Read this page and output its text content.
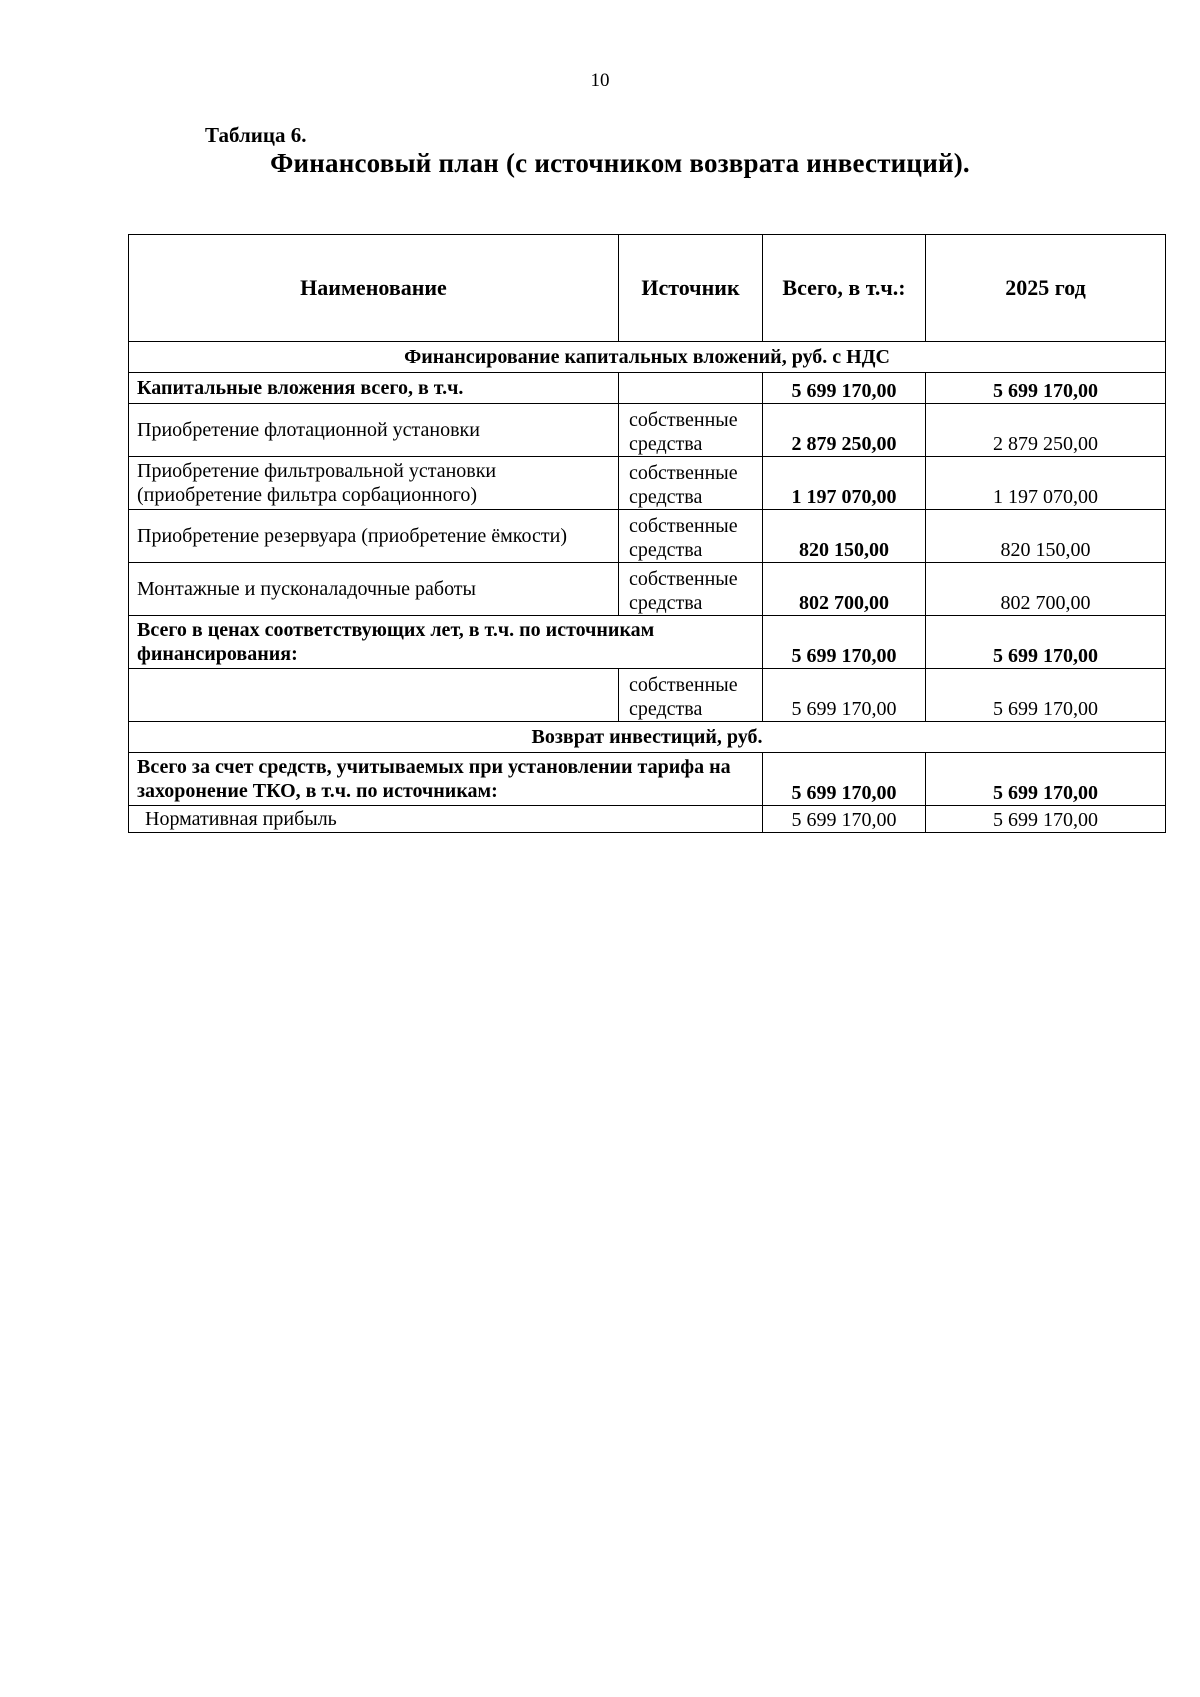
10
Таблица 6.
Финансовый план (с источником возврата инвестиций).
Наименование	Источник	Всего, в т.ч.:	2025 год
Финансирование капитальных вложений, руб. с НДС			
Капитальные вложения всего, в т.ч.		5 699 170,00	5 699 170,00
Приобретение флотационной установки	собственные средства	2 879 250,00	2 879 250,00
Приобретение фильтровальной установки (приобретение фильтра сорбационного)	собственные средства	1 197 070,00	1 197 070,00
Приобретение резервуара (приобретение ёмкости)	собственные средства	820 150,00	820 150,00
Монтажные и пусконаладочные работы	собственные средства	802 700,00	802 700,00
Всего в ценах соответствующих лет, в т.ч. по источникам финансирования:		5 699 170,00	5 699 170,00
	собственные средства	5 699 170,00	5 699 170,00
Возврат инвестиций, руб.			
Всего за счет средств, учитываемых при установлении тарифа на захоронение ТКО, в т.ч. по источникам:		5 699 170,00	5 699 170,00
Нормативная прибыль		5 699 170,00	5 699 170,00
